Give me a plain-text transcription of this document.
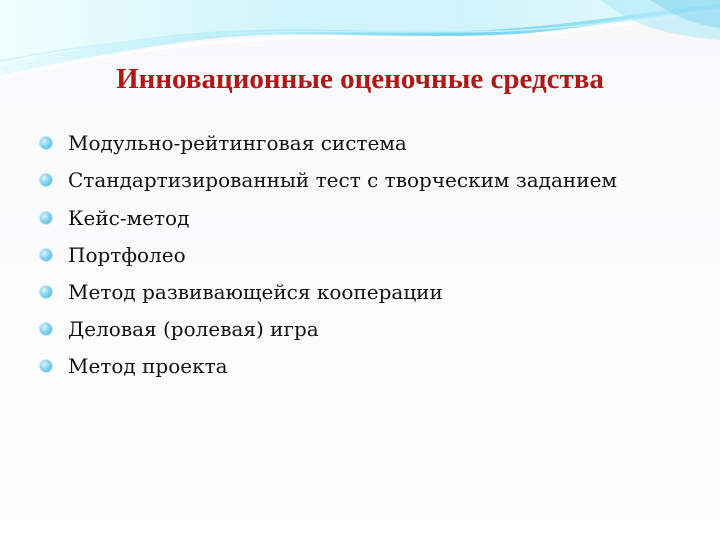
Инновационные оценочные средства
Модульно-рейтинговая система
Стандартизированный тест с творческим заданием
Кейс-метод
Портфолео
Метод развивающейся кооперации
Деловая (ролевая) игра
Метод проекта
